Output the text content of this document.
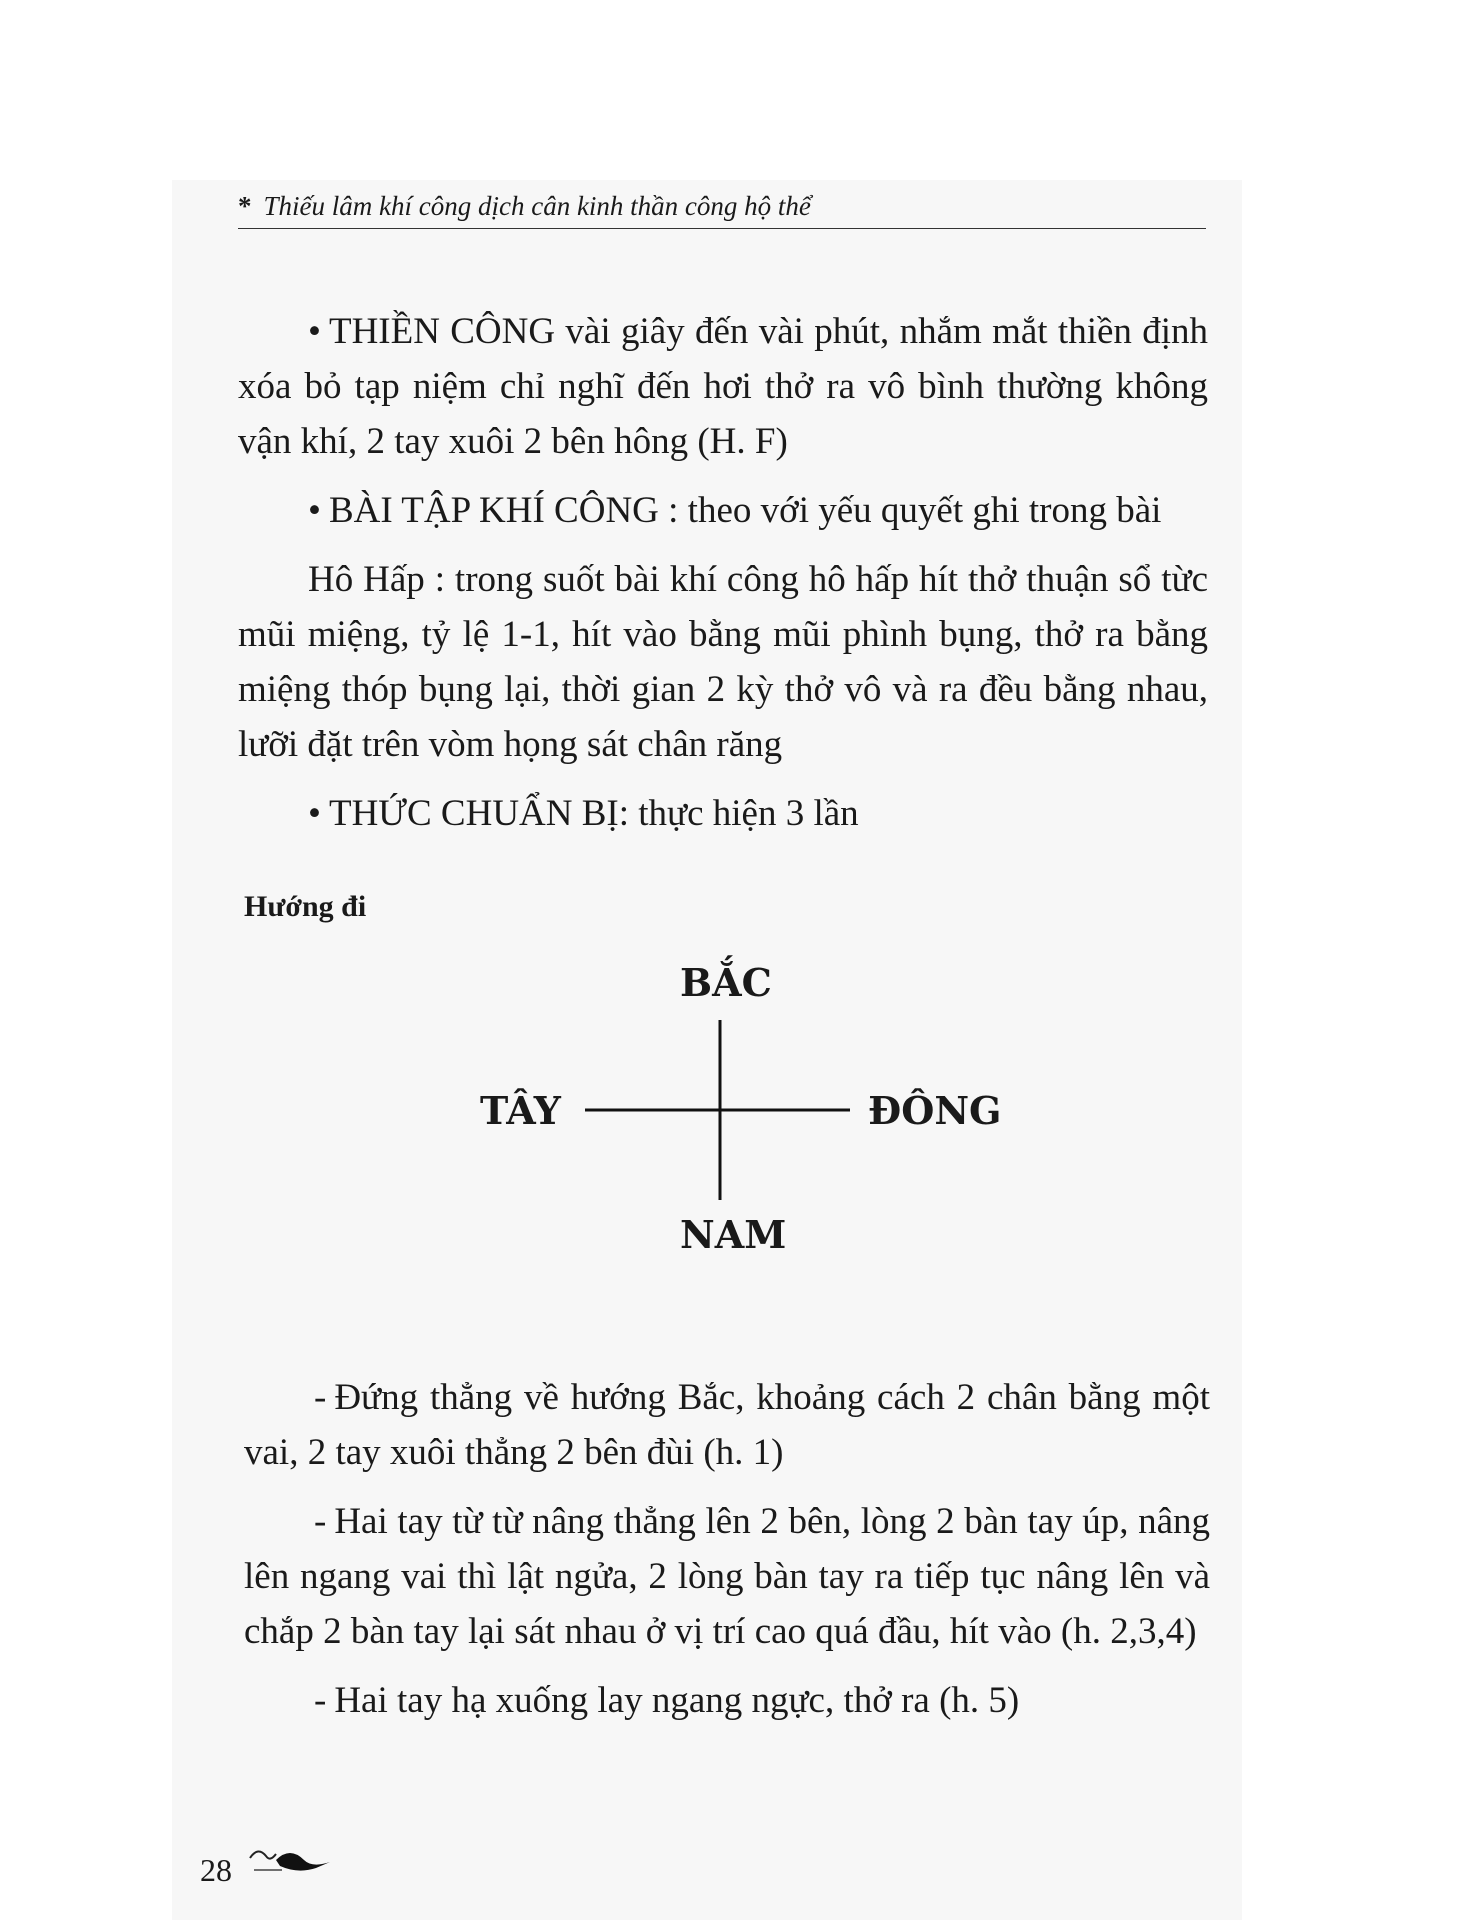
* Thiếu lâm khí công dịch cân kinh thần công hộ thể

• THIỀN CÔNG vài giây đến vài phút, nhắm mắt thiền định xóa bỏ tạp niệm chỉ nghĩ đến hơi thở ra vô bình thường không vận khí, 2 tay xuôi 2 bên hông (H. F)

• BÀI TẬP KHÍ CÔNG : theo với yếu quyết ghi trong bài

Hô Hấp : trong suốt bài khí công hô hấp hít thở thuận sổ từc mũi miệng, tỷ lệ 1-1, hít vào bằng mũi phình bụng, thở ra bằng miệng thóp bụng lại, thời gian 2 kỳ thở vô và ra đều bằng nhau, lưỡi đặt trên vòm họng sát chân răng

• THỨC CHUẨN BỊ: thực hiện 3 lần

Hướng đi
BẮC
TÂY	ĐÔNG
NAM

- Đứng thẳng về hướng Bắc, khoảng cách 2 chân bằng một vai, 2 tay xuôi thẳng 2 bên đùi (h. 1)

- Hai tay từ từ nâng thẳng lên 2 bên, lòng 2 bàn tay úp, nâng lên ngang vai thì lật ngửa, 2 lòng bàn tay ra tiếp tục nâng lên và chắp 2 bàn tay lại sát nhau ở vị trí cao quá đầu, hít vào (h. 2,3,4)

- Hai tay hạ xuống lay ngang ngực, thở ra (h. 5)

28
